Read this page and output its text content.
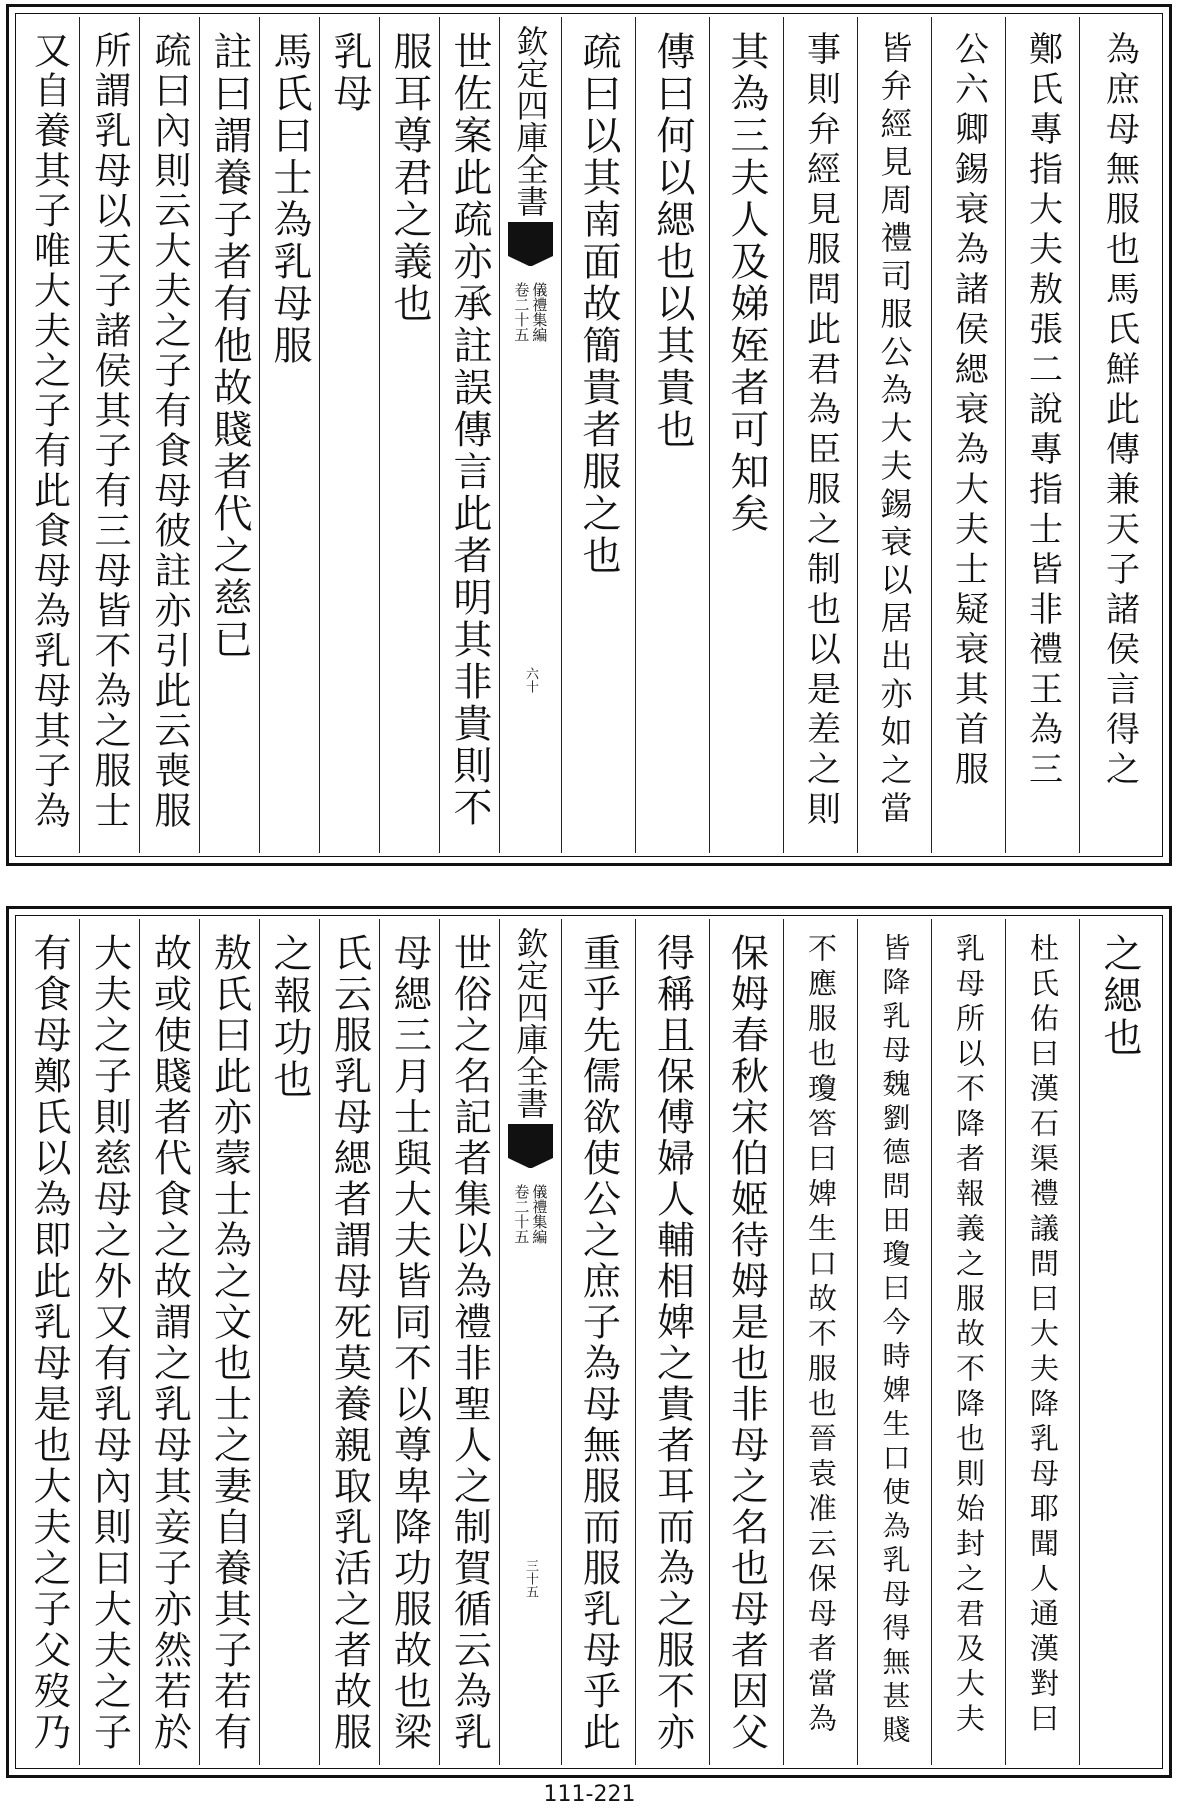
又自養其子唯大夫之子有此食母為乳母其子為 所謂乳母以天子諸侯其子有三母皆不為之服士 疏曰內則云大夫之子有食母彼註亦引此云喪服 註曰謂養子者有他故賤者代之慈已 馬氏曰士為乳母服 乳母 服耳尊君之義也 世佐案此疏亦承註誤傳言此者明其非貴則不 欽定四庫全書
儀禮集編
卷二十五
六十
疏曰以其南面故簡貴者服之也 傳曰何以緦也以其貴也 其為三夫人及娣姪者可知矣 事則弁經見服問此君為臣服之制也以是差之則 皆弁經見周禮司服公為大夫錫衰以居出亦如之當 公六卿錫衰為諸侯緦衰為大夫士疑衰其首服 鄭氏專指大夫敖張二說專指士皆非禮王為三 為庶母無服也馬氏鮮此傳兼天子諸侯言得之
有食母鄭氏以為即此乳母是也大夫之子父歿乃 大夫之子則慈母之外又有乳母內則曰大夫之子 故或使賤者代食之故謂之乳母其妾子亦然若於 敖氏曰此亦蒙士為之文也士之妻自養其子若有 之報功也 氏云服乳母緦者謂母死莫養親取乳活之者故服 母緦三月士與大夫皆同不以尊卑降功服故也梁 世俗之名記者集以為禮非聖人之制賀循云為乳 欽定四庫全書
儀禮集編
卷二十五
三十五 重乎先儒欲使公之庶子為母無服而服乳母乎此 得稱且保傅婦人輔相婢之貴者耳而為之服不亦 保姆春秋宋伯姬待姆是也非母之名也母者因父 不應服也瓊答曰婢生口故不服也晉袁准云保母者當為 皆降乳母魏劉德問田瓊曰今時婢生口使為乳母得無甚賤 乳母所以不降者報義之服故不降也則始封之君及大夫 杜氏佑曰漢石渠禮議問曰大夫降乳母耶聞人通漢對曰 之緦也
111-221
